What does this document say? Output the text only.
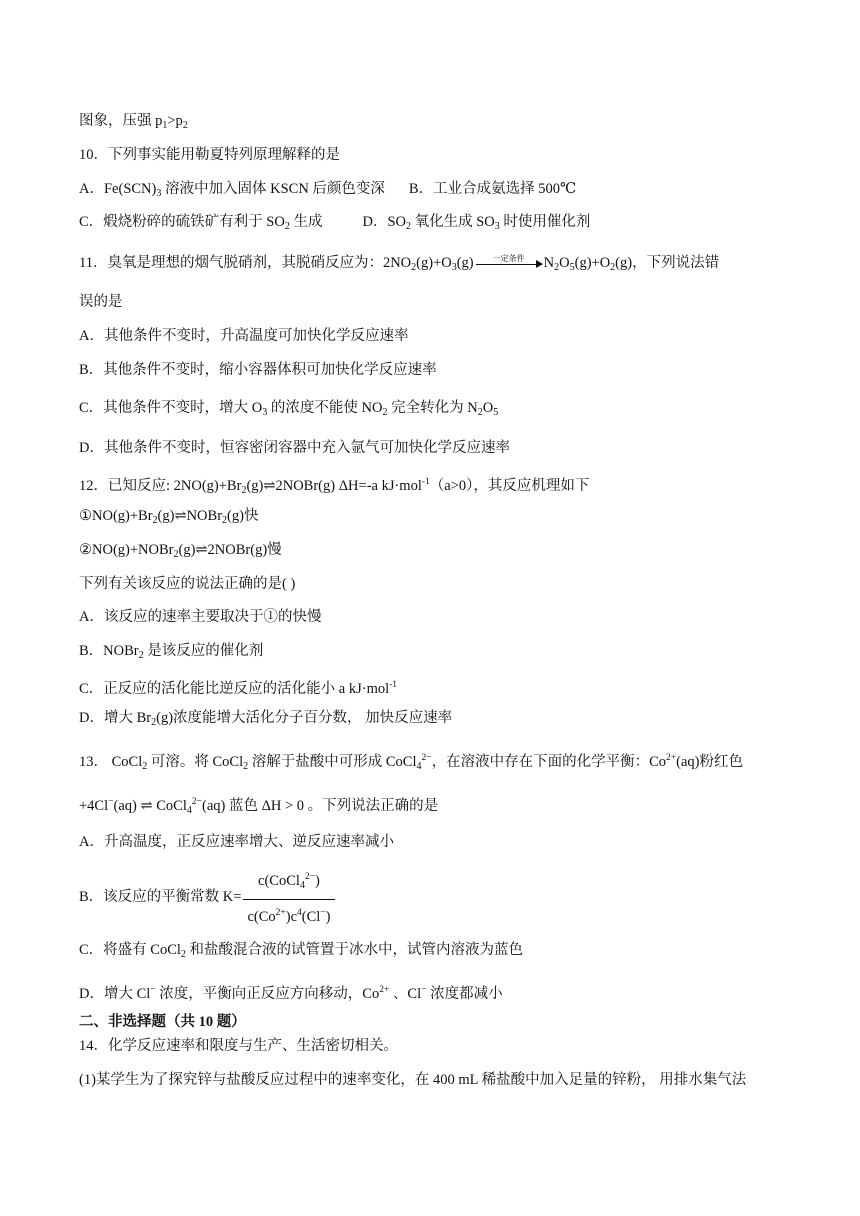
图象，压强 $p_1>p_2$
10．下列事实能用勒夏特列原理解释的是
A．$Fe(SCN)_3$ 溶液中加入固体 KSCN 后颜色变深 B．工业合成氨选择 500℃
C．煅烧粉碎的硫铁矿有利于 $SO_2$ 生成	D．$SO_2$ 氧化生成 $SO_3$ 时使用催化剂
11．臭氧是理想的烟气脱硝剂，其脱硝反应为：$2NO_2(g)+O_3(g)$	一定条件	$N_2O_5(g)+O_2(g)$，下列说法错
误的是
A．其他条件不变时，升高温度可加快化学反应速率
B．其他条件不变时，缩小容器体积可加快化学反应速率
C．其他条件不变时，增大 $O_3$ 的浓度不能使 $NO_2$ 完全转化为 $N_2O_5$
D．其他条件不变时，恒容密闭容器中充入氩气可加快化学反应速率
12．已知反应: $2NO(g)+Br_2(g)\rightleftharpoons 2NOBr(g)$ ΔH=-a kJ·mol$^{-1}$（a>0），其反应机理如下
$①NO(g)+Br_2(g)\rightleftharpoons NOBr_2(g)$快
②NO(g)+NOBr$_2$(g)⇌2NOBr(g)慢
下列有关该反应的说法正确的是( )
A．该反应的速率主要取决于①的快慢
B．NOBr$_2$ 是该反应的催化剂
C．正反应的活化能比逆反应的活化能小 a kJ·mol$^{-1}$
D．增大 $Br_2(g)$浓度能增大活化分子百分数， 加快反应速率
13． CoCl$_2$ 可溶。将 CoCl$_2$ 溶解于盐酸中可形成 CoCl$_4^{2-}$，在溶液中存在下面的化学平衡：$Co^{2+}(aq)$粉红色
+4Cl−(aq) ⇌ CoCl$_4^{2-}$(aq) 蓝色 ΔH > 0 。下列说法正确的是
A．升高温度，正反应速率增大、逆反应速率减小
B．该反应的平衡常数 $K= \frac{c(CoCl_4^{2-})}{c(Co^{2+})c^4(Cl^-)}$
C．将盛有 CoCl$_2$ 和盐酸混合液的试管置于冰水中，试管内溶液为蓝色
D．增大 Cl− 浓度，平衡向正反应方向移动，$Co^{2+}$ 、Cl− 浓度都减小
二、非选择题（共 10 题）
14．化学反应速率和限度与生产、生活密切相关。
(1)某学生为了探究锌与盐酸反应过程中的速率变化，在 400 mL 稀盐酸中加入足量的锌粉， 用排水集气法
